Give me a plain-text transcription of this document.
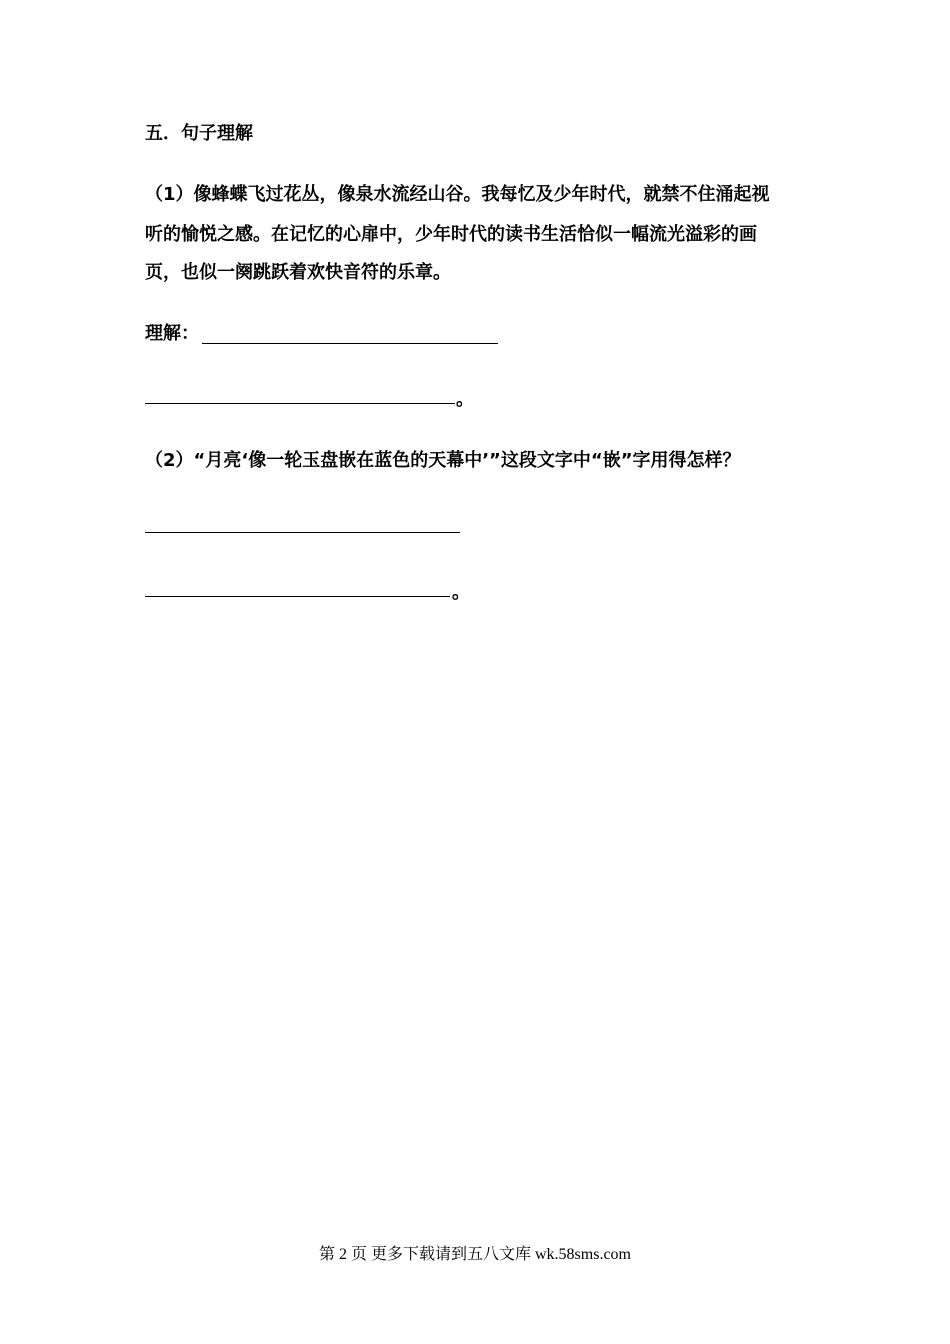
五．句子理解
（1）像蜂蝶飞过花丛，像泉水流经山谷。我每忆及少年时代，就禁不住涌起视
听的愉悦之感。在记忆的心扉中，少年时代的读书生活恰似一幅流光溢彩的画
页，也似一阕跳跃着欢快音符的乐章。
理解：
。
（2）“月亮‘像一轮玉盘嵌在蓝色的天幕中’”这段文字中“嵌”字用得怎样？
。
第 2 页 更多下载请到五八文库 wk.58sms.com
